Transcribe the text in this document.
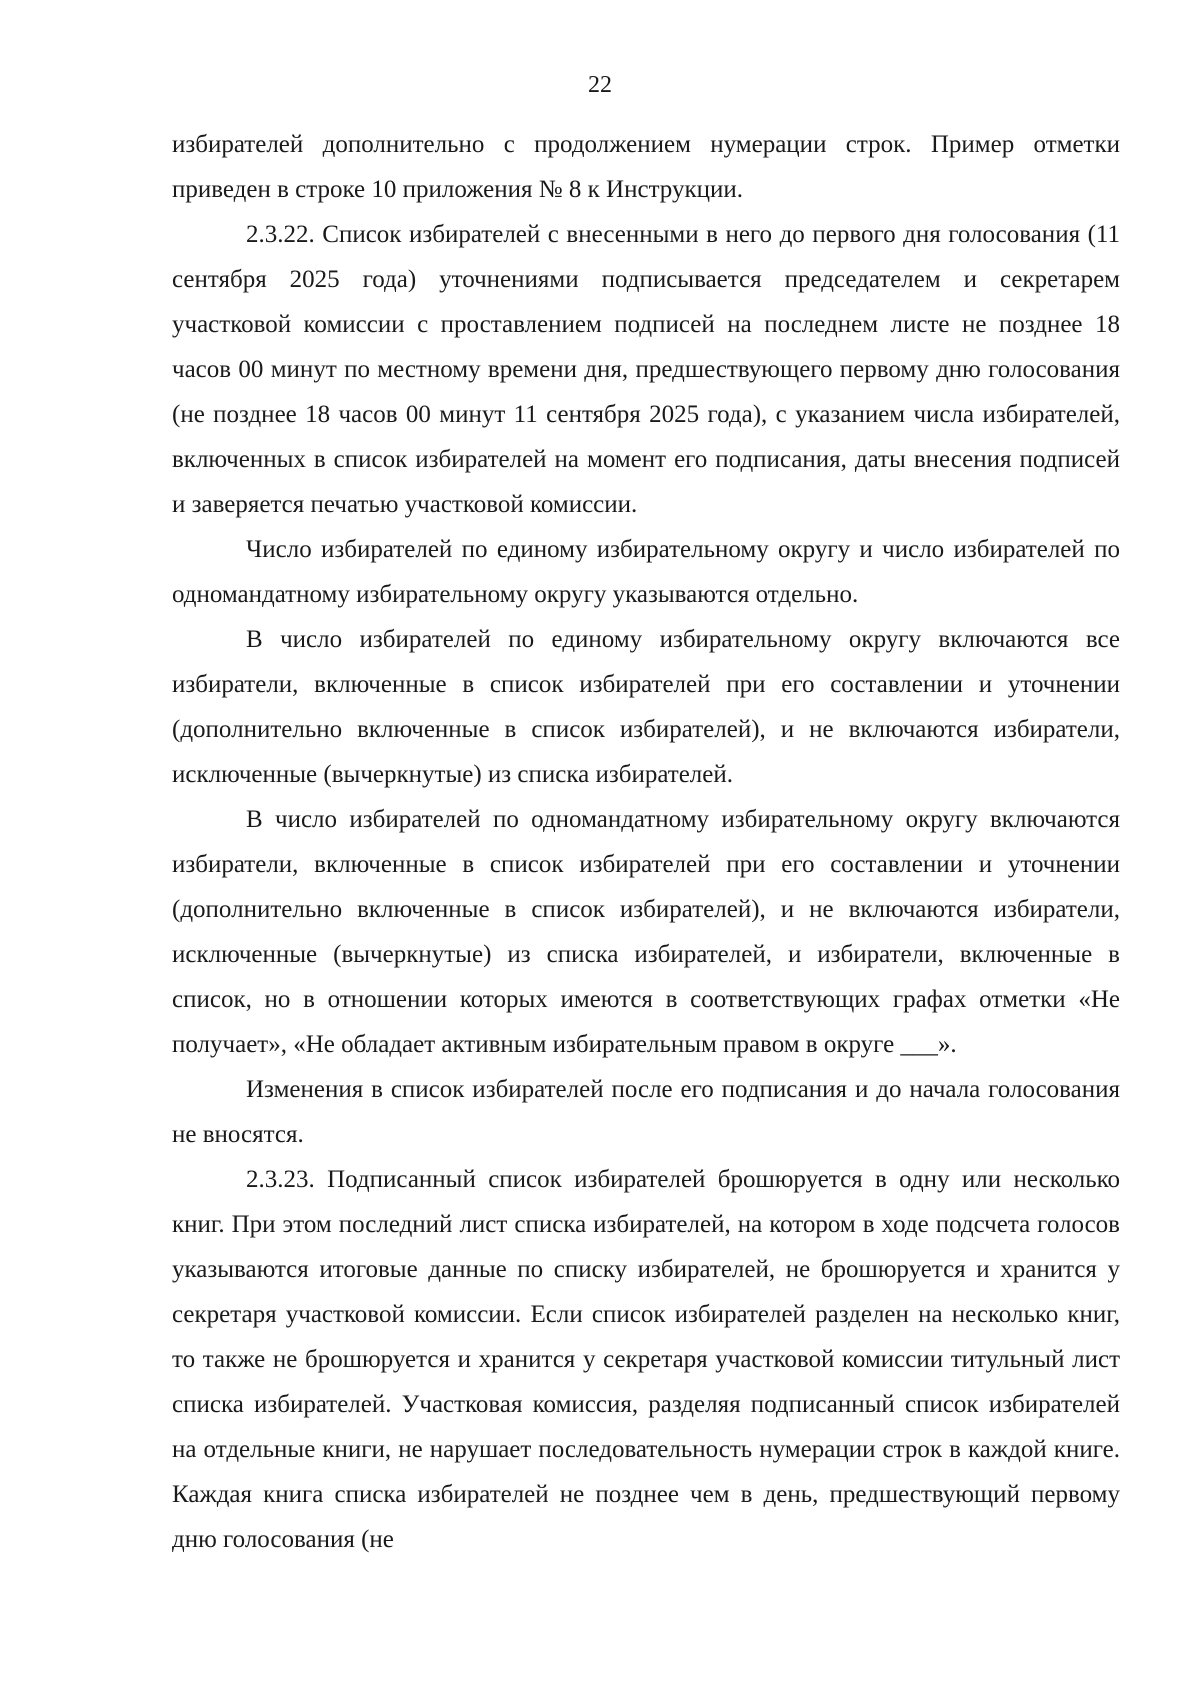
22

избирателей дополнительно с продолжением нумерации строк. Пример отметки приведен в строке 10 приложения № 8 к Инструкции.

2.3.22. Список избирателей с внесенными в него до первого дня голосования (11 сентября 2025 года) уточнениями подписывается председателем и секретарем участковой комиссии с проставлением подписей на последнем листе не позднее 18 часов 00 минут по местному времени дня, предшествующего первому дню голосования (не позднее 18 часов 00 минут 11 сентября 2025 года), с указанием числа избирателей, включенных в список избирателей на момент его подписания, даты внесения подписей и заверяется печатью участковой комиссии.

Число избирателей по единому избирательному округу и число избирателей по одномандатному избирательному округу указываются отдельно.

В число избирателей по единому избирательному округу включаются все избиратели, включенные в список избирателей при его составлении и уточнении (дополнительно включенные в список избирателей), и не включаются избиратели, исключенные (вычеркнутые) из списка избирателей.

В число избирателей по одномандатному избирательному округу включаются избиратели, включенные в список избирателей при его составлении и уточнении (дополнительно включенные в список избирателей), и не включаются избиратели, исключенные (вычеркнутые) из списка избирателей, и избиратели, включенные в список, но в отношении которых имеются в соответствующих графах отметки «Не получает», «Не обладает активным избирательным правом в округе ___».

Изменения в список избирателей после его подписания и до начала голосования не вносятся.

2.3.23. Подписанный список избирателей брошюруется в одну или несколько книг. При этом последний лист списка избирателей, на котором в ходе подсчета голосов указываются итоговые данные по списку избирателей, не брошюруется и хранится у секретаря участковой комиссии. Если список избирателей разделен на несколько книг, то также не брошюруется и хранится у секретаря участковой комиссии титульный лист списка избирателей. Участковая комиссия, разделяя подписанный список избирателей на отдельные книги, не нарушает последовательность нумерации строк в каждой книге. Каждая книга списка избирателей не позднее чем в день, предшествующий первому дню голосования (не
